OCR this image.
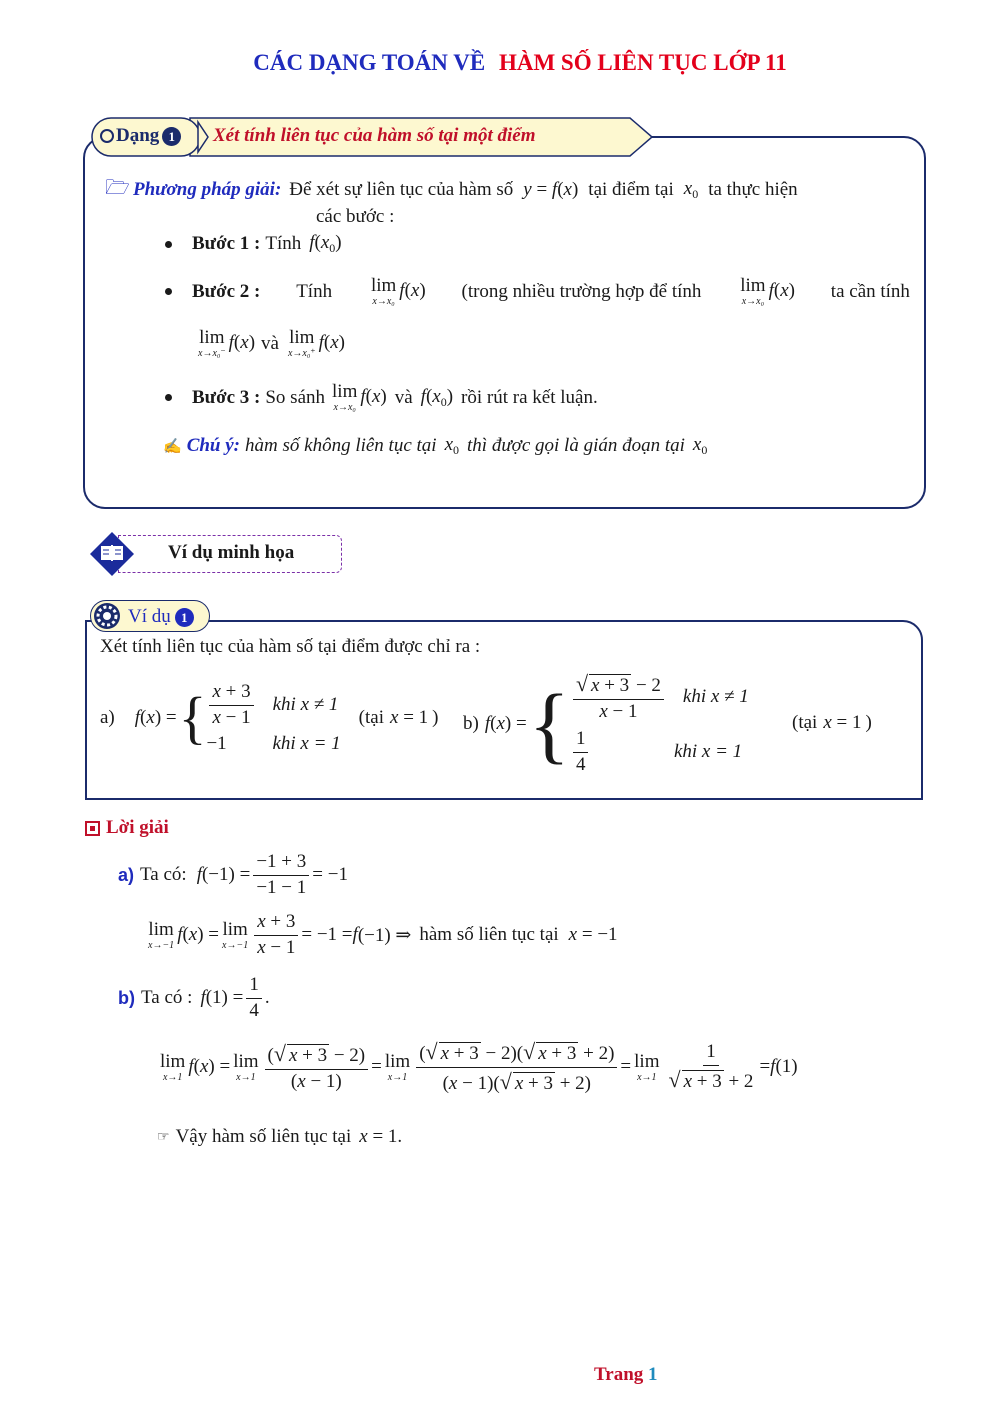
CÁC DẠNG TOÁN VỀ HÀM SỐ LIÊN TỤC LỚP 11
Dạng 1	Xét tính liên tục của hàm số tại một điểm
🗁 Phương pháp giải: Để xét sự liên tục của hàm số y = f(x) tại điểm tại $x_0$ ta thực hiện
các bước :
Bước 1 : Tính $f(x_0)$
Bước 2 : Tính lim
x→x₀
f(x) (trong nhiều trường hợp để tính lim
x→x₀
f(x) ta cần tính
lim
x→x₀⁻
f(x) và lim
x→x₀⁺
f(x)
Bước 3 : So sánh lim
x→x₀
f(x) và $f(x_0)$ rồi rút ra kết luận.
✍ Chú ý: hàm số không liên tục tại $x_0$ thì được gọi là gián đoạn tại $x_0$
Ví dụ minh họa
Ví dụ 1
Xét tính liên tục của hàm số tại điểm được chỉ ra :
a) f(x) = { $\frac{x + 3}{x - 1}$ khi x ≠ 1
−1	khi x = 1
(tại x = 1 ) b) f(x) = { $\frac{√ x + 3 - 2}{x - 1}$ khi x ≠ 1
$\frac{1}{4}$ khi x = 1
(tại x = 1 )
Lời giải
a) Ta có: f $(-1) = \frac{-1 + 3}{-1 - 1} = -1$
lim
x→−1 f ( x ) = lim
$x\to-1 \frac{x + 3}{x - 1} = -1 = f$ (−1) ⇒ hàm số liên tục tại x = −1
b) Ta có : f $(1) = \frac{1}{4}$ .
lim
x→1 f ( x ) = lim
$x\to 1 \frac{(√ x + 3 - 2)}{(x - 1)} = \lim$
$x\to 1 \frac{(√ x + 3 - 2)(√ x + 3 + 2)}{(x - 1)(√ x + 3 + 2)} = \lim$
$x\to 1 \frac{1}{√ x + 3 + 2} = f$ (1)
☞ Vậy hàm số liên tục tại x = 1.
Trang 1
